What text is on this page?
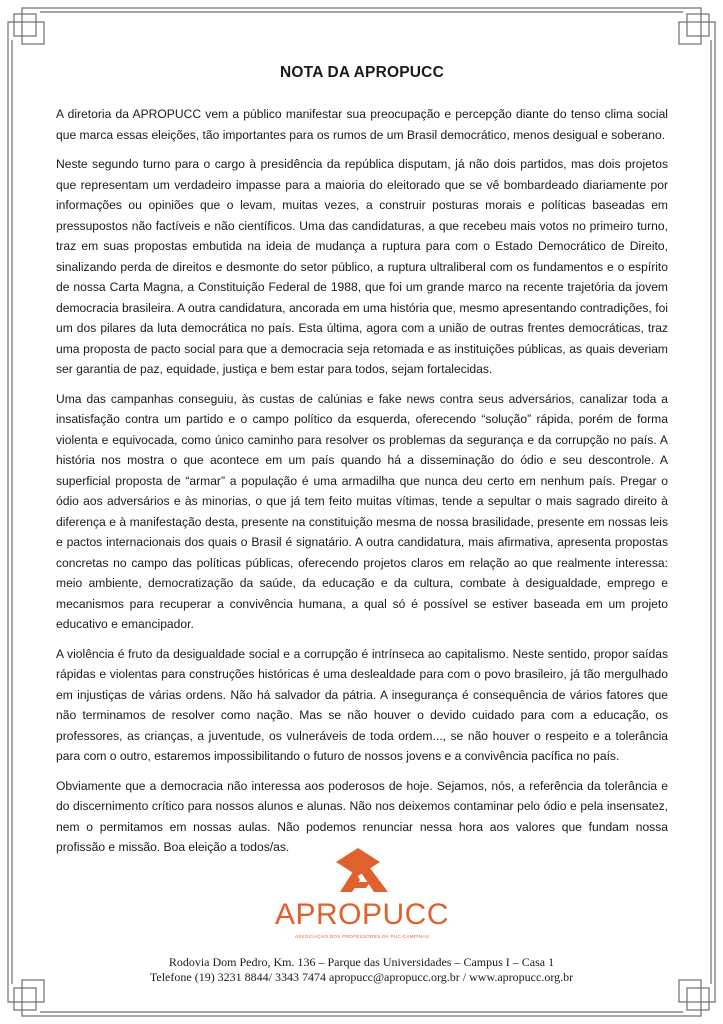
NOTA DA APROPUCC

A diretoria da APROPUCC vem a público manifestar sua preocupação e percepção diante do tenso clima social que marca essas eleições, tão importantes para os rumos de um Brasil democrático, menos desigual e soberano.

Neste segundo turno para o cargo à presidência da república disputam, já não dois partidos, mas dois projetos que representam um verdadeiro impasse para a maioria do eleitorado que se vê bombardeado diariamente por informações ou opiniões que o levam, muitas vezes, a construir posturas morais e políticas baseadas em pressupostos não factíveis e não científicos. Uma das candidaturas, a que recebeu mais votos no primeiro turno, traz em suas propostas embutida na ideia de mudança a ruptura para com o Estado Democrático de Direito, sinalizando perda de direitos e desmonte do setor público, a ruptura ultraliberal com os fundamentos e o espírito de nossa Carta Magna, a Constituição Federal de 1988, que foi um grande marco na recente trajetória da jovem democracia brasileira. A outra candidatura, ancorada em uma história que, mesmo apresentando contradições, foi um dos pilares da luta democrática no país. Esta última, agora com a união de outras frentes democráticas, traz uma proposta de pacto social para que a democracia seja retomada e as instituições públicas, as quais deveriam ser garantia de paz, equidade, justiça e bem estar para todos, sejam fortalecidas.

Uma das campanhas conseguiu, às custas de calúnias e fake news contra seus adversários, canalizar toda a insatisfação contra um partido e o campo político da esquerda, oferecendo “solução” rápida, porém de forma violenta e equivocada, como único caminho para resolver os problemas da segurança e da corrupção no país. A história nos mostra o que acontece em um país quando há a disseminação do ódio e seu descontrole. A superficial proposta de “armar” a população é uma armadilha que nunca deu certo em nenhum país. Pregar o ódio aos adversários e às minorias, o que já tem feito muitas vítimas, tende a sepultar o mais sagrado direito à diferença e à manifestação desta, presente na constituição mesma de nossa brasilidade, presente em nossas leis e pactos internacionais dos quais o Brasil é signatário. A outra candidatura, mais afirmativa, apresenta propostas concretas no campo das políticas públicas, oferecendo projetos claros em relação ao que realmente interessa: meio ambiente, democratização da saúde, da educação e da cultura, combate à desigualdade, emprego e mecanismos para recuperar a convivência humana, a qual só é possível se estiver baseada em um projeto educativo e emancipador.

A violência é fruto da desigualdade social e a corrupção é intrínseca ao capitalismo. Neste sentido, propor saídas rápidas e violentas para construções históricas é uma deslealdade para com o povo brasileiro, já tão mergulhado em injustiças de várias ordens. Não há salvador da pátria. A insegurança é consequência de vários fatores que não terminamos de resolver como nação. Mas se não houver o devido cuidado para com a educação, os professores, as crianças, a juventude, os vulneráveis de toda ordem..., se não houver o respeito e a tolerância para com o outro, estaremos impossibilitando o futuro de nossos jovens e a convivência pacífica no país.

Obviamente que a democracia não interessa aos poderosos de hoje. Sejamos, nós, a referência da tolerância e do discernimento crítico para nossos alunos e alunas. Não nos deixemos contaminar pelo ódio e pela insensatez, nem o permitamos em nossas aulas. Não podemos renunciar nessa hora aos valores que fundam nossa profissão e missão. Boa eleição a todos/as.

APROPUCC
ASSOCIAÇÃO DOS PROFESSORES DA PUC-CAMPINAS
Rodovia Dom Pedro, Km. 136 – Parque das Universidades – Campus I – Casa 1
Telefone (19) 3231 8844/ 3343 7474 apropucc@apropucc.org.br / www.apropucc.org.br
